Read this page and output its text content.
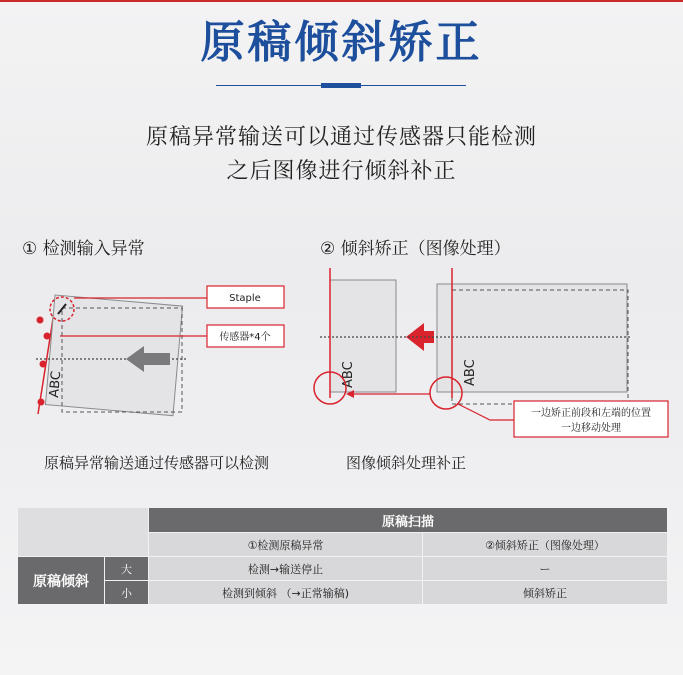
原稿倾斜矫正
原稿异常输送可以通过传感器只能检测
之后图像进行倾斜补正
① 检测输入异常	② 倾斜矫正（图像处理）
ABC
Staple
传感器*4个
ABC	ABC
一边矫正前段和左端的位置
一边移动处理
原稿异常输送通过传感器可以检测	图像倾斜处理补正
原稿扫描
①检测原稿异常	②倾斜矫正（图像处理）
原稿倾斜
大	检测→输送停止	ー
小	检测到倾斜 （→正常输稿)	倾斜矫正
